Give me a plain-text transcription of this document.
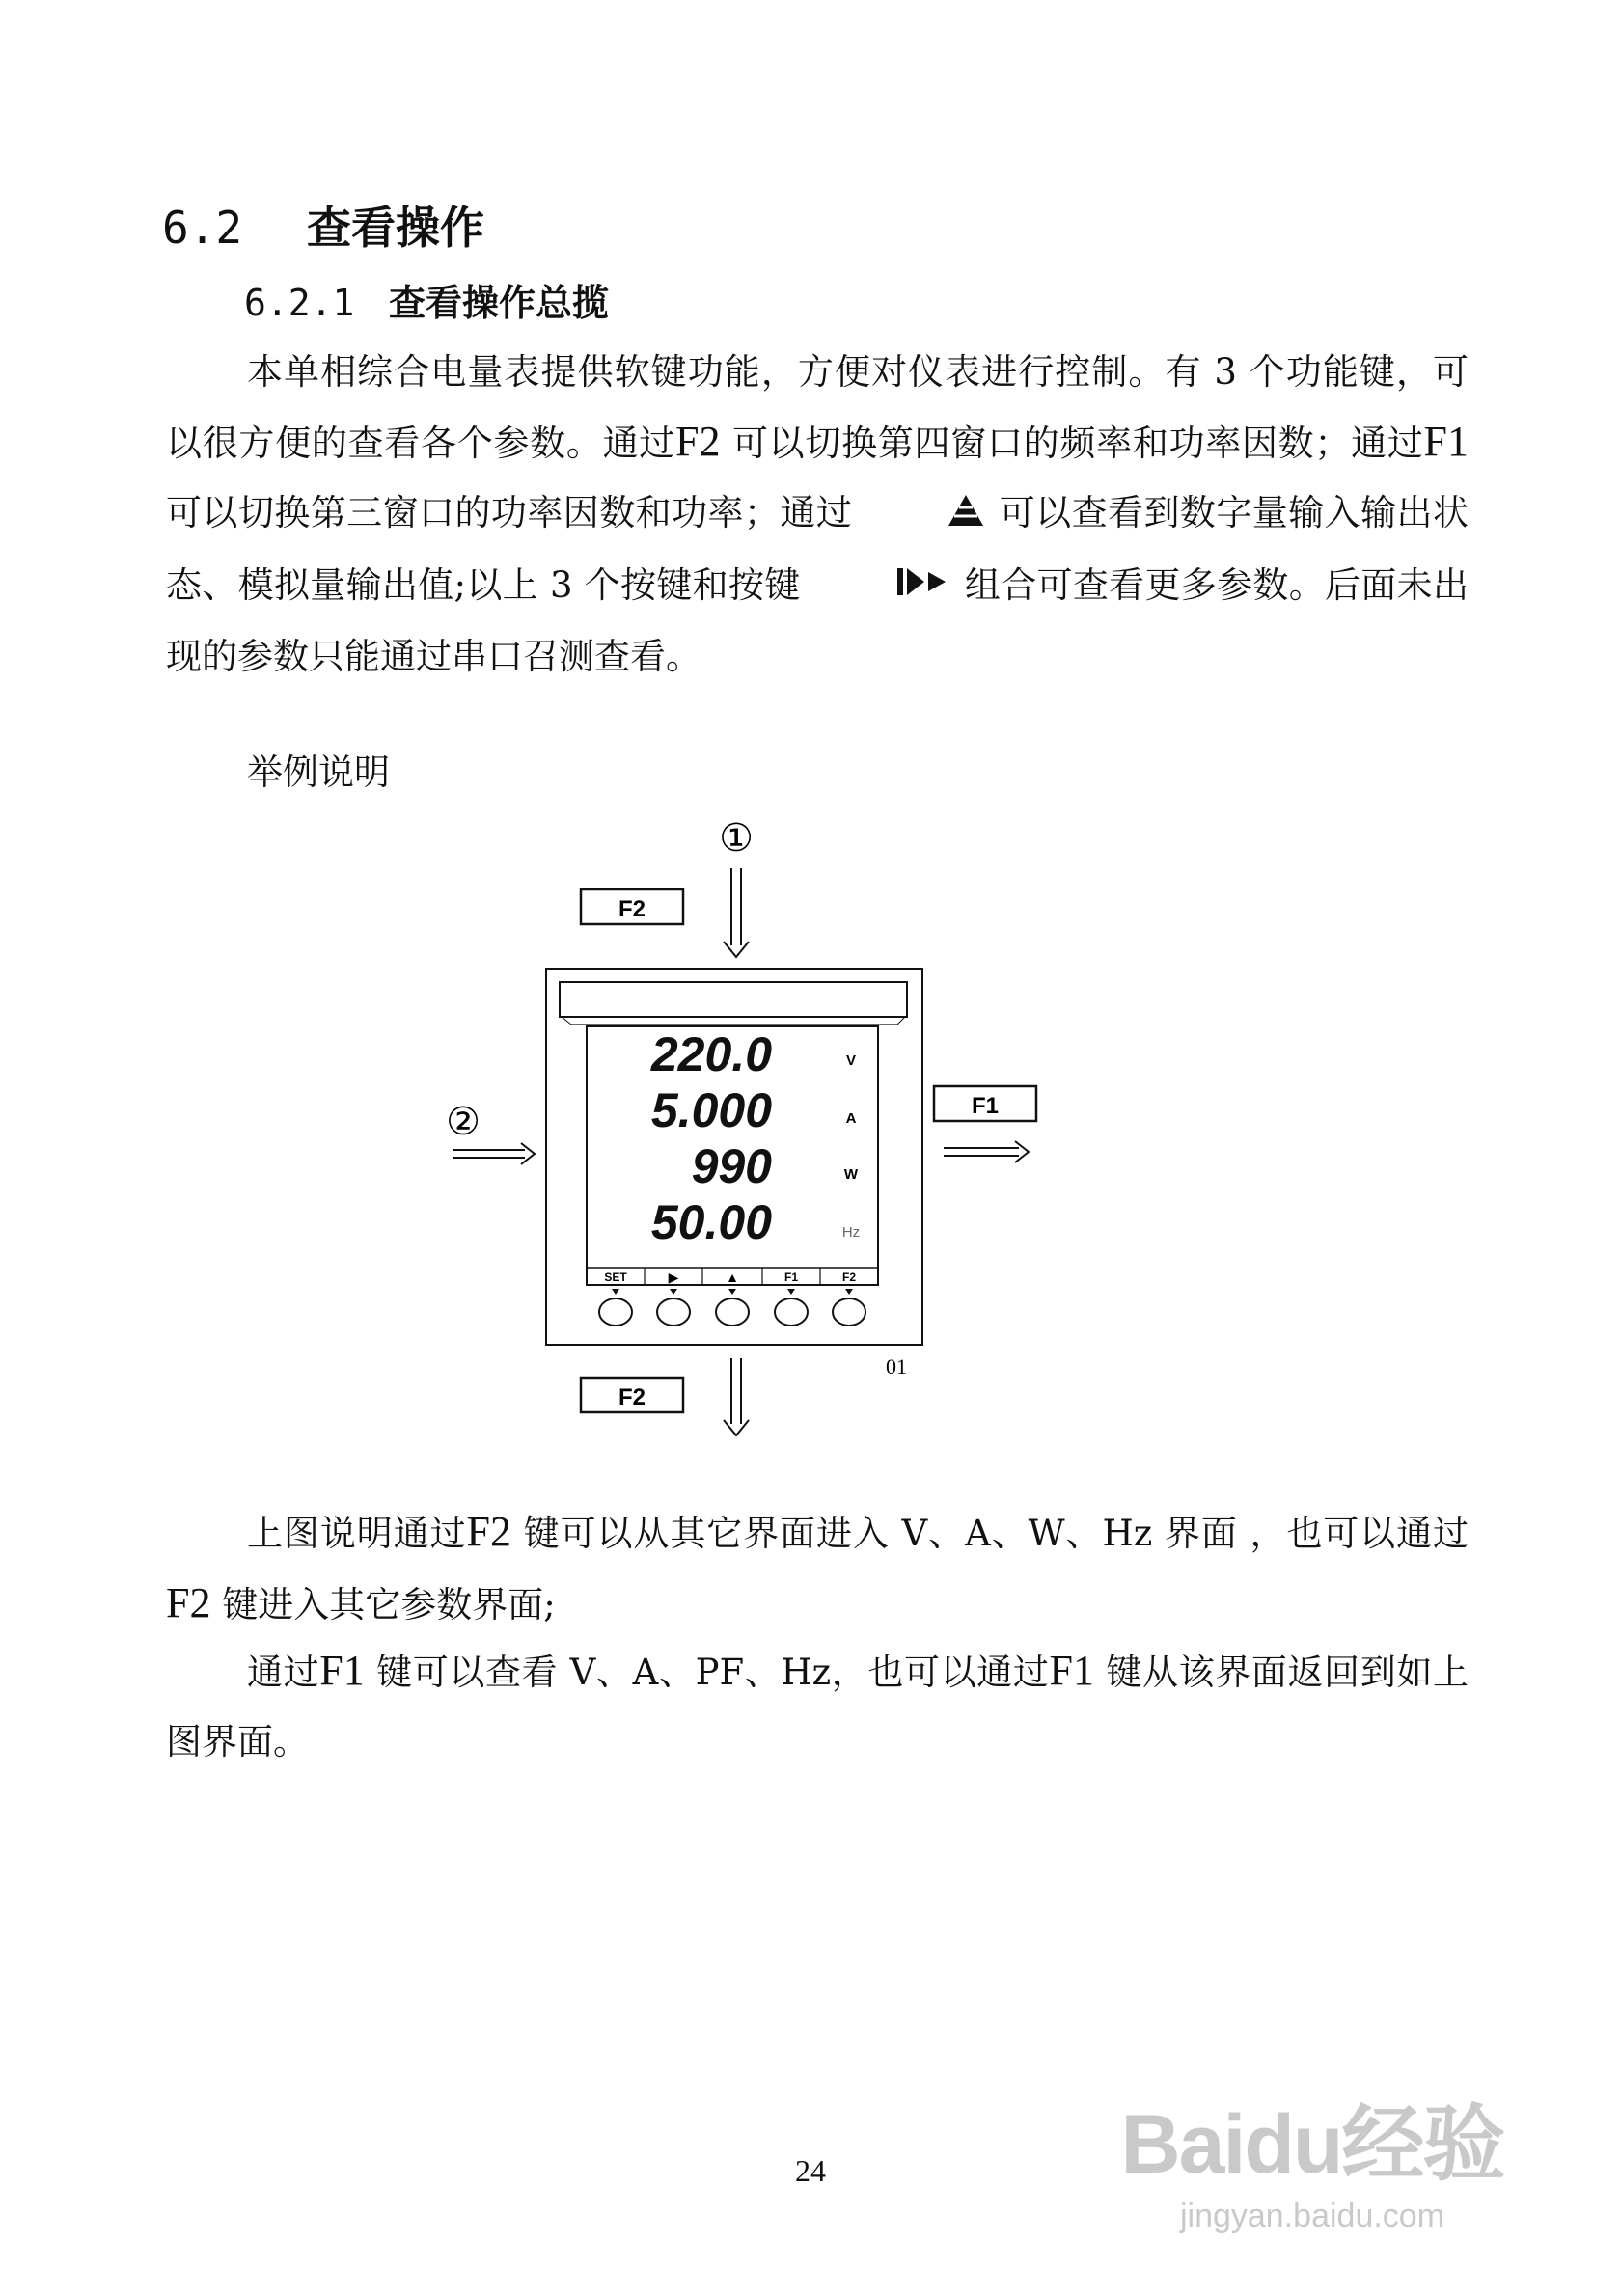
6.2 查看操作
6.2.1 查看操作总揽
本单相综合电量表提供软键功能，方便对仪表进行控制。有 3 个功能键，可以很方便的查看各个参数。通过F2 可以切换第四窗口的频率和功率因数；通过F1 可以切换第三窗口的功率因数和功率；通过	可以查看到数字量输入输出状态、模拟量输出值;以上 3 个按键和按键	组合可查看更多参数。后面未出现的参数只能通过串口召测查看。
举例说明
①
F2
②	F1
220.0
5.000
990
50.00
V
A
W
Hz
SET	▶	▲	F1	F2
01
F2
上图说明通过F2 键可以从其它界面进入 V、A、W、Hz 界面 ，也可以通过F2 键进入其它参数界面;
通过F1 键可以查看 V、A、PF、Hz，也可以通过F1 键从该界面返回到如上图界面。
24	Baidu经验
jingyan.baidu.com
